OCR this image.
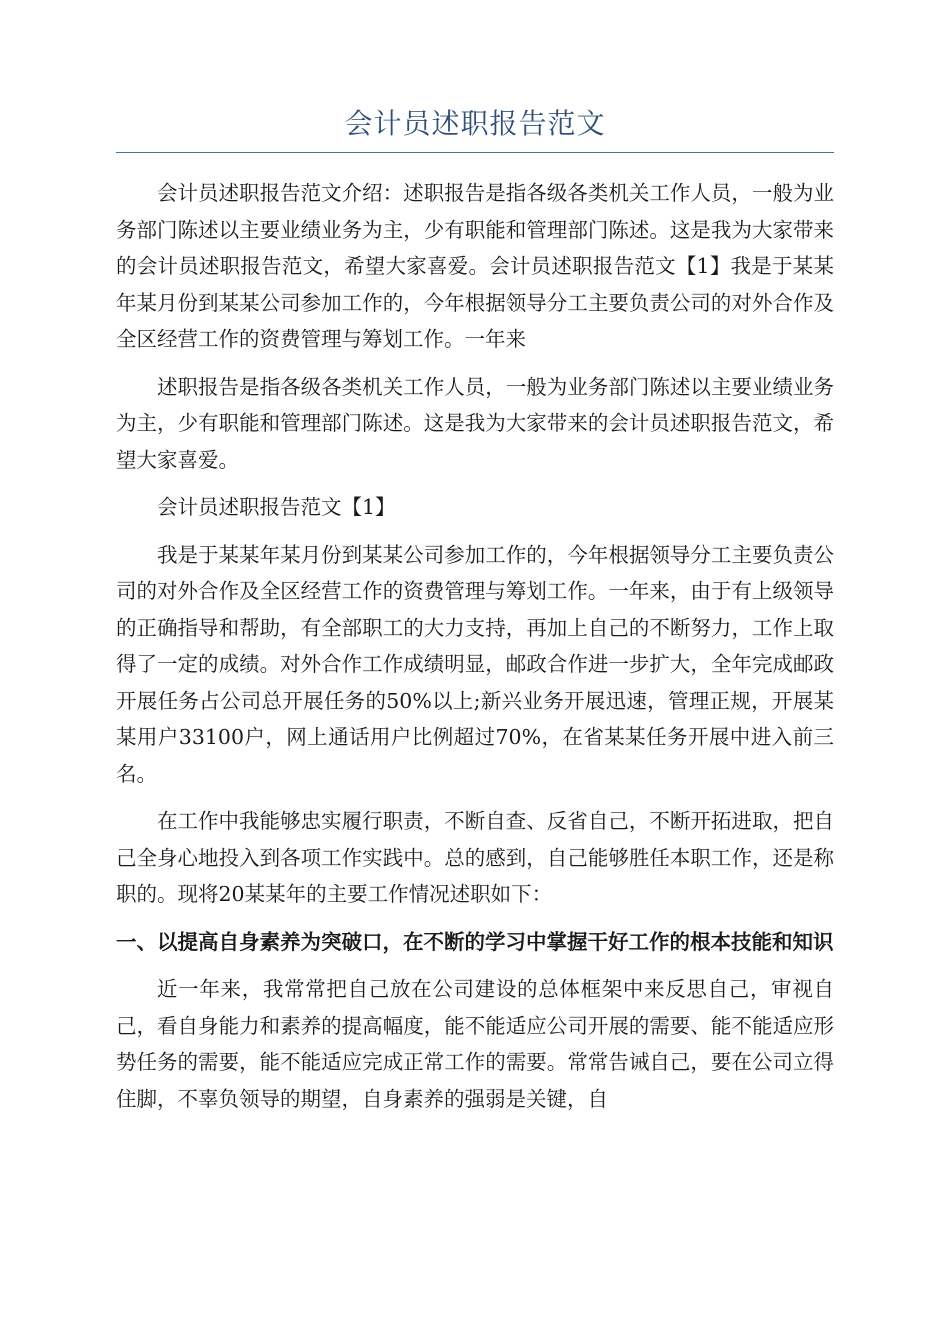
会计员述职报告范文

会计员述职报告范文介绍：述职报告是指各级各类机关工作人员，一般为业务部门陈述以主要业绩业务为主，少有职能和管理部门陈述。这是我为大家带来的会计员述职报告范文，希望大家喜爱。会计员述职报告范文【1】我是于某某年某月份到某某公司参加工作的，今年根据领导分工主要负责公司的对外合作及全区经营工作的资费管理与筹划工作。一年来

述职报告是指各级各类机关工作人员，一般为业务部门陈述以主要业绩业务为主，少有职能和管理部门陈述。这是我为大家带来的会计员述职报告范文，希望大家喜爱。

会计员述职报告范文【1】

我是于某某年某月份到某某公司参加工作的，今年根据领导分工主要负责公司的对外合作及全区经营工作的资费管理与筹划工作。一年来，由于有上级领导的正确指导和帮助，有全部职工的大力支持，再加上自己的不断努力，工作上取得了一定的成绩。对外合作工作成绩明显，邮政合作进一步扩大，全年完成邮政开展任务占公司总开展任务的50%以上;新兴业务开展迅速，管理正规，开展某某用户33100户，网上通话用户比例超过70%，在省某某任务开展中进入前三名。

在工作中我能够忠实履行职责，不断自查、反省自己，不断开拓进取，把自己全身心地投入到各项工作实践中。总的感到，自己能够胜任本职工作，还是称职的。现将20某某年的主要工作情况述职如下：

一、以提高自身素养为突破口，在不断的学习中掌握干好工作的根本技能和知识

近一年来，我常常把自己放在公司建设的总体框架中来反思自己，审视自己，看自身能力和素养的提高幅度，能不能适应公司开展的需要、能不能适应形势任务的需要，能不能适应完成正常工作的需要。常常告诫自己，要在公司立得住脚，不辜负领导的期望，自身素养的强弱是关键，自
